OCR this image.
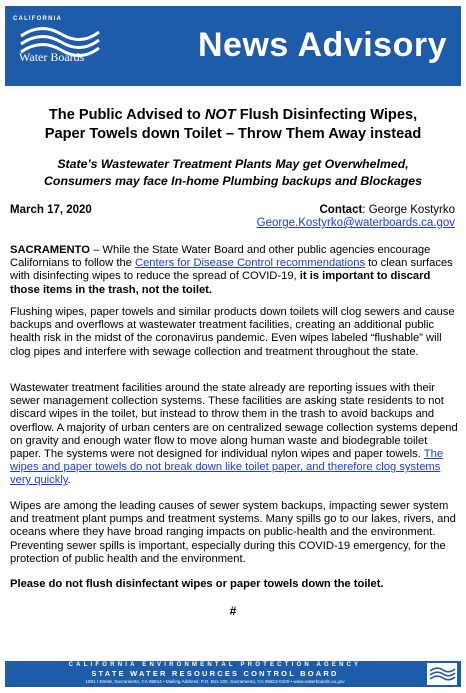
CALIFORNIA
Water Boards	News Advisory
The Public Advised to NOT Flush Disinfecting Wipes,
Paper Towels down Toilet – Throw Them Away instead
State’s Wastewater Treatment Plants May get Overwhelmed,
Consumers may face In-home Plumbing backups and Blockages
March 17, 2020	Contact: George Kostyrko
George.Kostyrko@waterboards.ca.gov
SACRAMENTO – While the State Water Board and other public agencies encourage Californians to follow the Centers for Disease Control recommendations to clean surfaces with disinfecting wipes to reduce the spread of COVID-19, it is important to discard those items in the trash, not the toilet.
Flushing wipes, paper towels and similar products down toilets will clog sewers and cause backups and overflows at wastewater treatment facilities, creating an additional public health risk in the midst of the coronavirus pandemic. Even wipes labeled “flushable” will clog pipes and interfere with sewage collection and treatment throughout the state.
Wastewater treatment facilities around the state already are reporting issues with their sewer management collection systems. These facilities are asking state residents to not discard wipes in the toilet, but instead to throw them in the trash to avoid backups and overflow. A majority of urban centers are on centralized sewage collection systems depend on gravity and enough water flow to move along human waste and biodegrable toilet paper. The systems were not designed for individual nylon wipes and paper towels. The wipes and paper towels do not break down like toilet paper, and therefore clog systems very quickly.
Wipes are among the leading causes of sewer system backups, impacting sewer system and treatment plant pumps and treatment systems. Many spills go to our lakes, rivers, and oceans where they have broad ranging impacts on public-health and the environment. Preventing sewer spills is important, especially during this COVID-19 emergency, for the protection of public health and the environment.
Please do not flush disinfectant wipes or paper towels down the toilet.
#
CALIFORNIA ENVIRONMENTAL PROTECTION AGENCY
STATE WATER RESOURCES CONTROL BOARD
1001 I Street, Sacramento, CA 95814 • Mailing Address: P.O. Box 100, Sacramento, CA 95812-0100 • www.waterboards.ca.gov
